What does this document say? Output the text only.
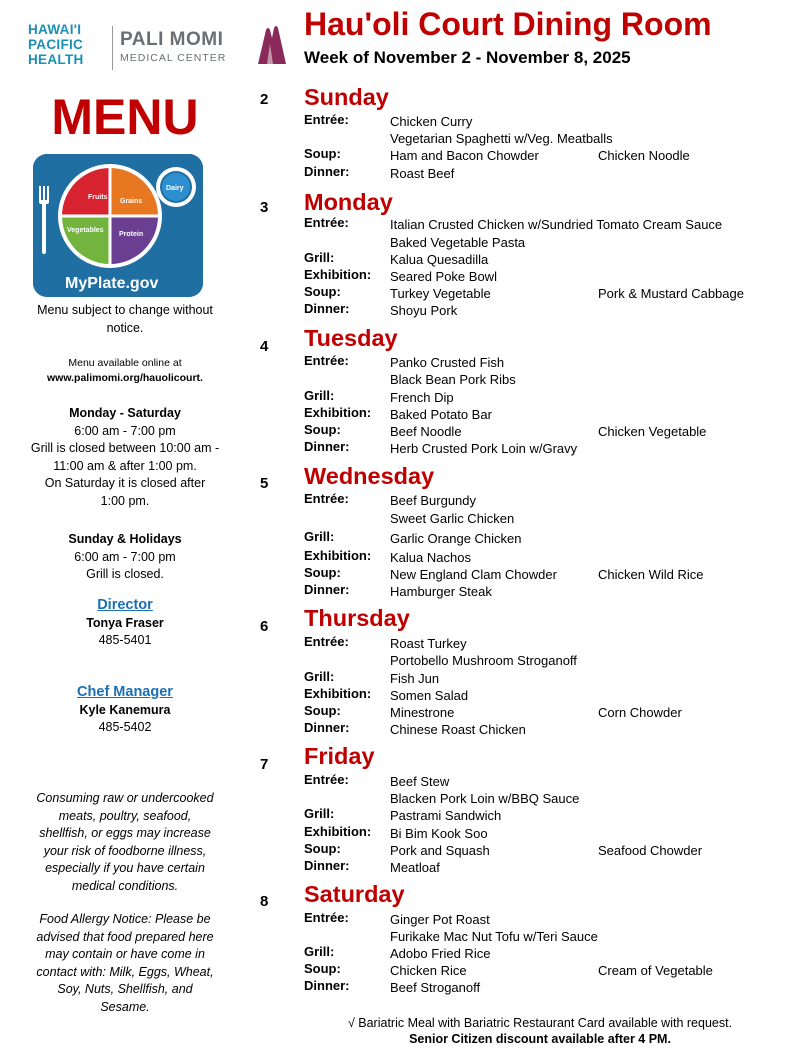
HAWAI'I
PACIFIC
HEALTH
PALI MOMI
MEDICAL CENTER
Hau'oli Court Dining Room
Week of November 2 - November 8, 2025
MENU
Fruits
Grains
Vegetables
Protein
Dairy
MyPlate.gov
Menu subject to change without
notice.
Menu available online at
www.palimomi.org/hauolicourt.
Monday - Saturday
6:00 am - 7:00 pm
Grill is closed between 10:00 am -
11:00 am & after 1:00 pm.
On Saturday it is closed after
1:00 pm.
Sunday & Holidays
6:00 am - 7:00 pm
Grill is closed.
Director
Tonya Fraser
485-5401
Chef Manager
Kyle Kanemura
485-5402
Consuming raw or undercooked
meats, poultry, seafood,
shellfish, or eggs may increase
your risk of foodborne illness,
especially if you have certain
medical conditions.
Food Allergy Notice: Please be
advised that food prepared here
may contain or have come in
contact with: Milk, Eggs, Wheat,
Soy, Nuts, Shellfish, and
Sesame.
2 Sunday
Entrée:	Chicken Curry
Vegetarian Spaghetti w/Veg. Meatballs
Soup:	Ham and Bacon Chowder	Chicken Noodle
Dinner:	Roast Beef
3 Monday
Entrée:	Italian Crusted Chicken w/Sundried Tomato Cream Sauce
Baked Vegetable Pasta
Grill:	Kalua Quesadilla
Exhibition: Seared Poke Bowl
Soup:	Turkey Vegetable	Pork & Mustard Cabbage
Dinner:	Shoyu Pork
4 Tuesday
Entrée:	Panko Crusted Fish
Black Bean Pork Ribs
Grill:	French Dip
Exhibition: Baked Potato Bar
Soup:	Beef Noodle	Chicken Vegetable
Dinner:	Herb Crusted Pork Loin w/Gravy
5 Wednesday
Entrée:	Beef Burgundy
Sweet Garlic Chicken
Grill:	Garlic Orange Chicken
Exhibition: Kalua Nachos
Soup:	New England Clam Chowder	Chicken Wild Rice
Dinner:	Hamburger Steak
6 Thursday
Entrée:	Roast Turkey
Portobello Mushroom Stroganoff
Grill:	Fish Jun
Exhibition: Somen Salad
Soup:	Minestrone	Corn Chowder
Dinner:	Chinese Roast Chicken
7 Friday
Entrée:	Beef Stew
Blacken Pork Loin w/BBQ Sauce
Grill:	Pastrami Sandwich
Exhibition: Bi Bim Kook Soo
Soup:	Pork and Squash	Seafood Chowder
Dinner:	Meatloaf
8 Saturday
Entrée:	Ginger Pot Roast
Furikake Mac Nut Tofu w/Teri Sauce
Grill:	Adobo Fried Rice
Soup:	Chicken Rice	Cream of Vegetable
Dinner:	Beef Stroganoff
√ Bariatric Meal with Bariatric Restaurant Card available with request.
Senior Citizen discount available after 4 PM.
